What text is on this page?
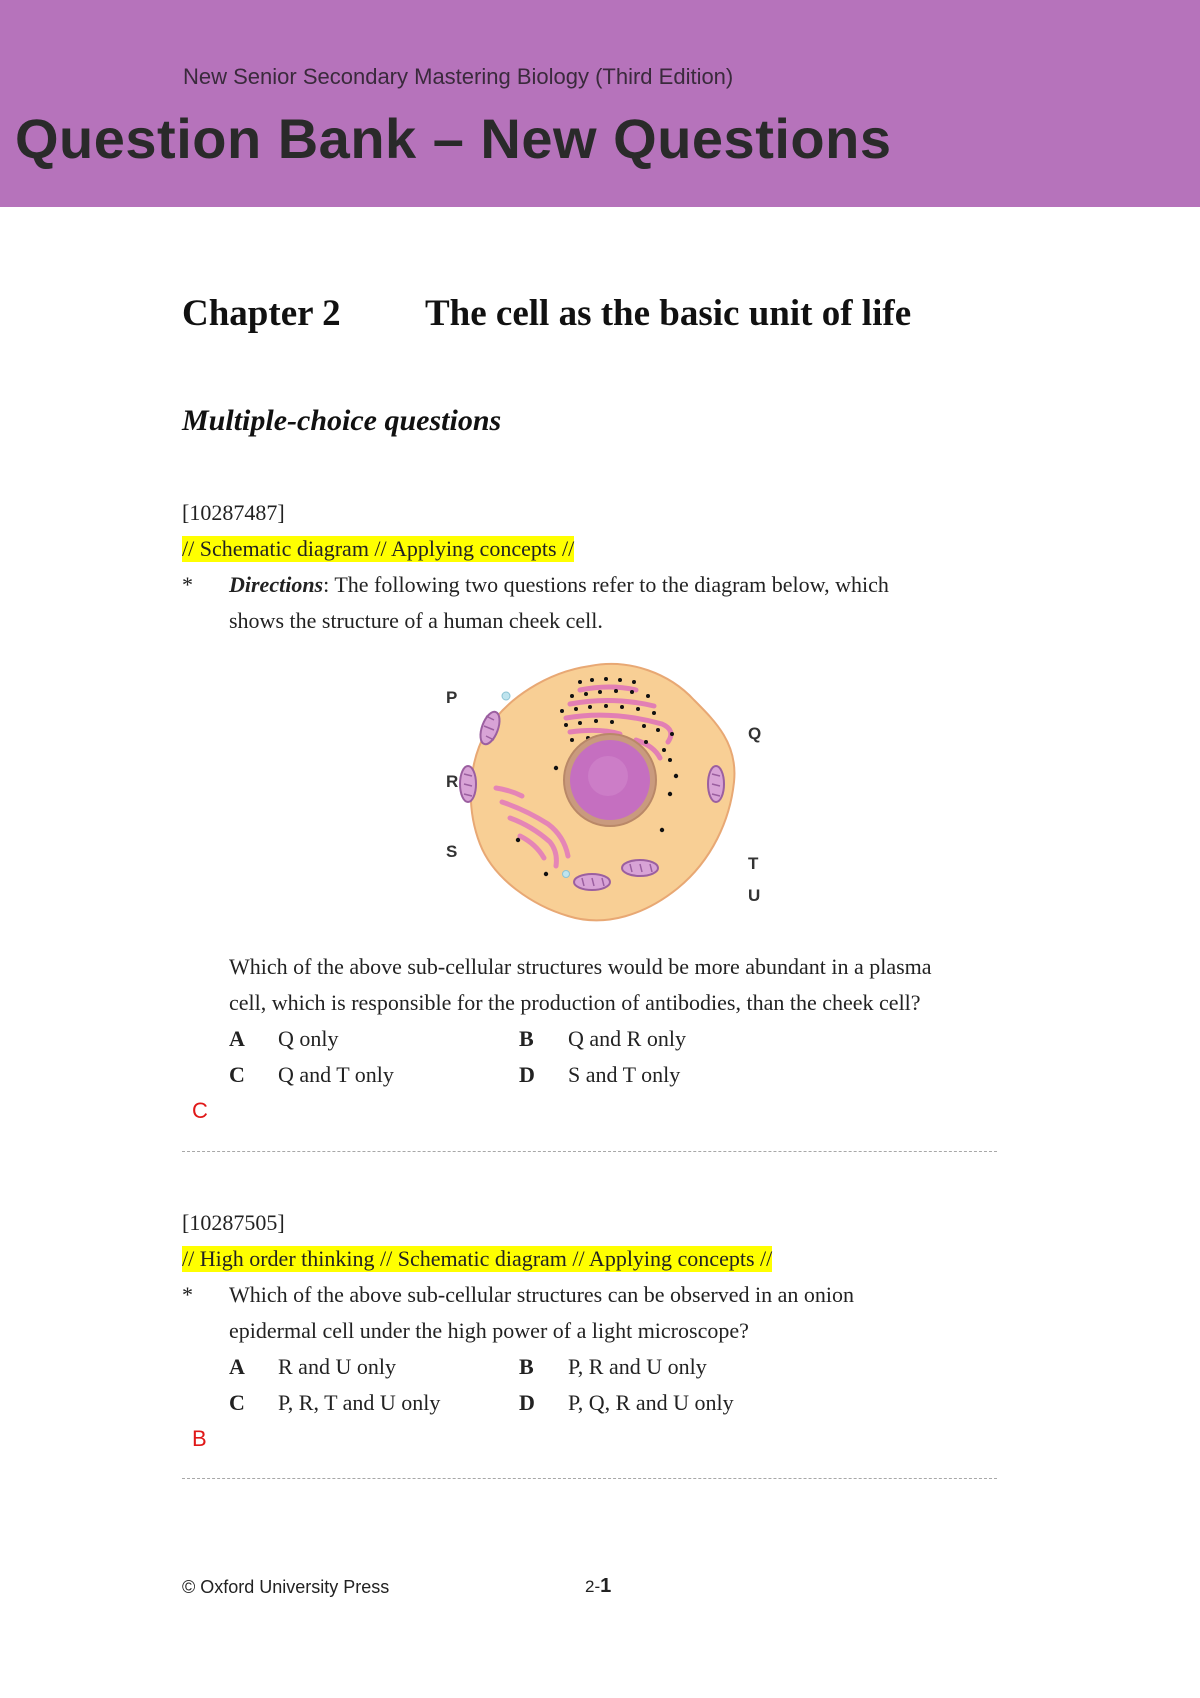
New Senior Secondary Mastering Biology (Third Edition)
Question Bank – New Questions
Chapter 2 The cell as the basic unit of life
Multiple-choice questions
[10287487]
// Schematic diagram // Applying concepts //
* Directions: The following two questions refer to the diagram below, which
shows the structure of a human cheek cell.
Which of the above sub-cellular structures would be more abundant in a plasma
cell, which is responsible for the production of antibodies, than the cheek cell?
A Q only	B Q and R only
C Q and T only	D S and T only
C
P
Q
R
S
T
U
[10287505]
// High order thinking // Schematic diagram // Applying concepts //
* Which of the above sub-cellular structures can be observed in an onion
epidermal cell under the high power of a light microscope?
A R and U only	B P, R and U only
C P, R, T and U only	D P, Q, R and U only
B
© Oxford University Press	2-1
